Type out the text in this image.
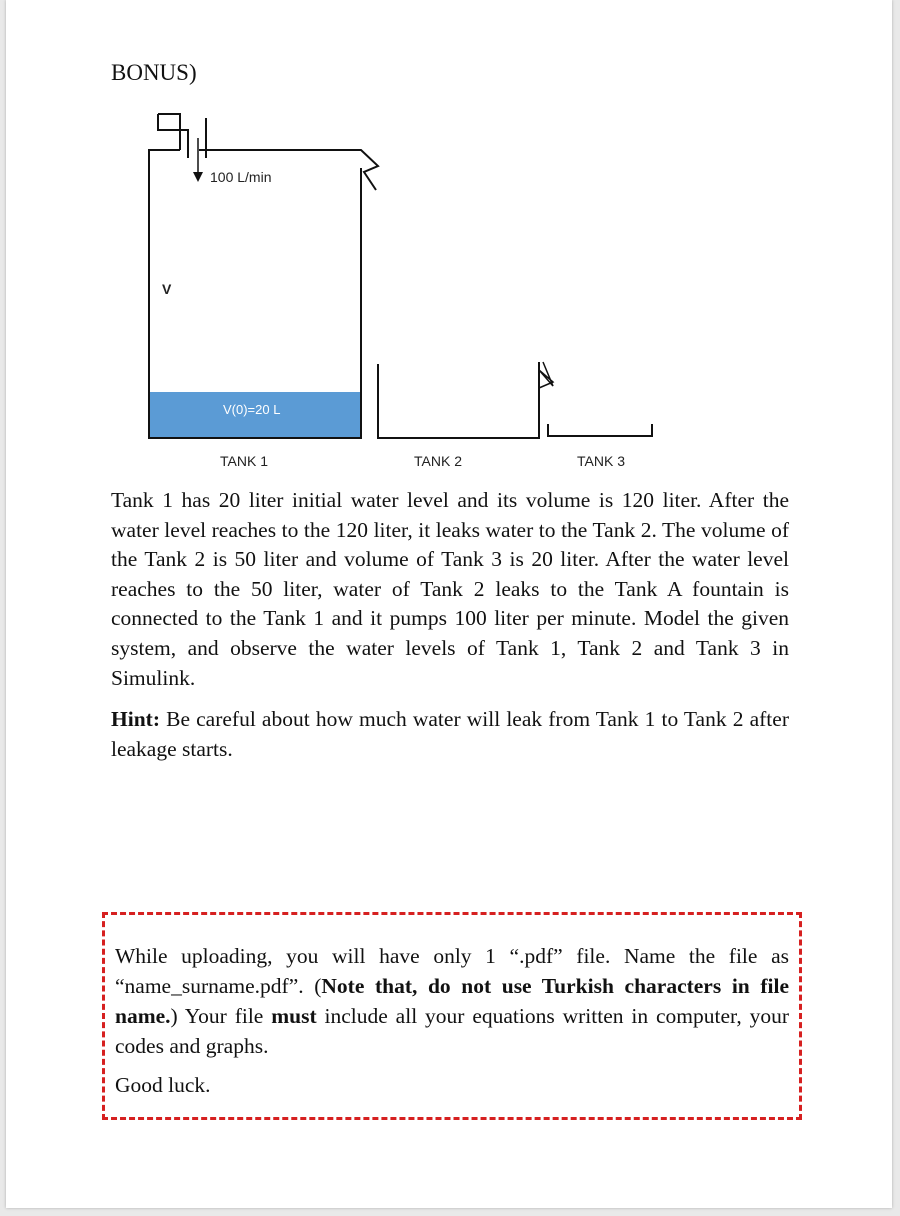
BONUS)
100 L/min
V
V(0)=20 L
TANK 1	TANK 2	TANK 3

Tank 1 has 20 liter initial water level and its volume is 120 liter. After the water level reaches to the 120 liter, it leaks water to the Tank 2. The volume of the Tank 2 is 50 liter and volume of Tank 3 is 20 liter. After the water level reaches to the 50 liter, water of Tank 2 leaks to the Tank A fountain is connected to the Tank 1 and it pumps 100 liter per minute. Model the given system, and observe the water levels of Tank 1, Tank 2 and Tank 3 in Simulink.

Hint: Be careful about how much water will leak from Tank 1 to Tank 2 after leakage starts.

While uploading, you will have only 1 “.pdf” file. Name the file as “name_surname.pdf”. (Note that, do not use Turkish characters in file name.) Your file must include all your equations written in computer, your codes and graphs.

Good luck.
